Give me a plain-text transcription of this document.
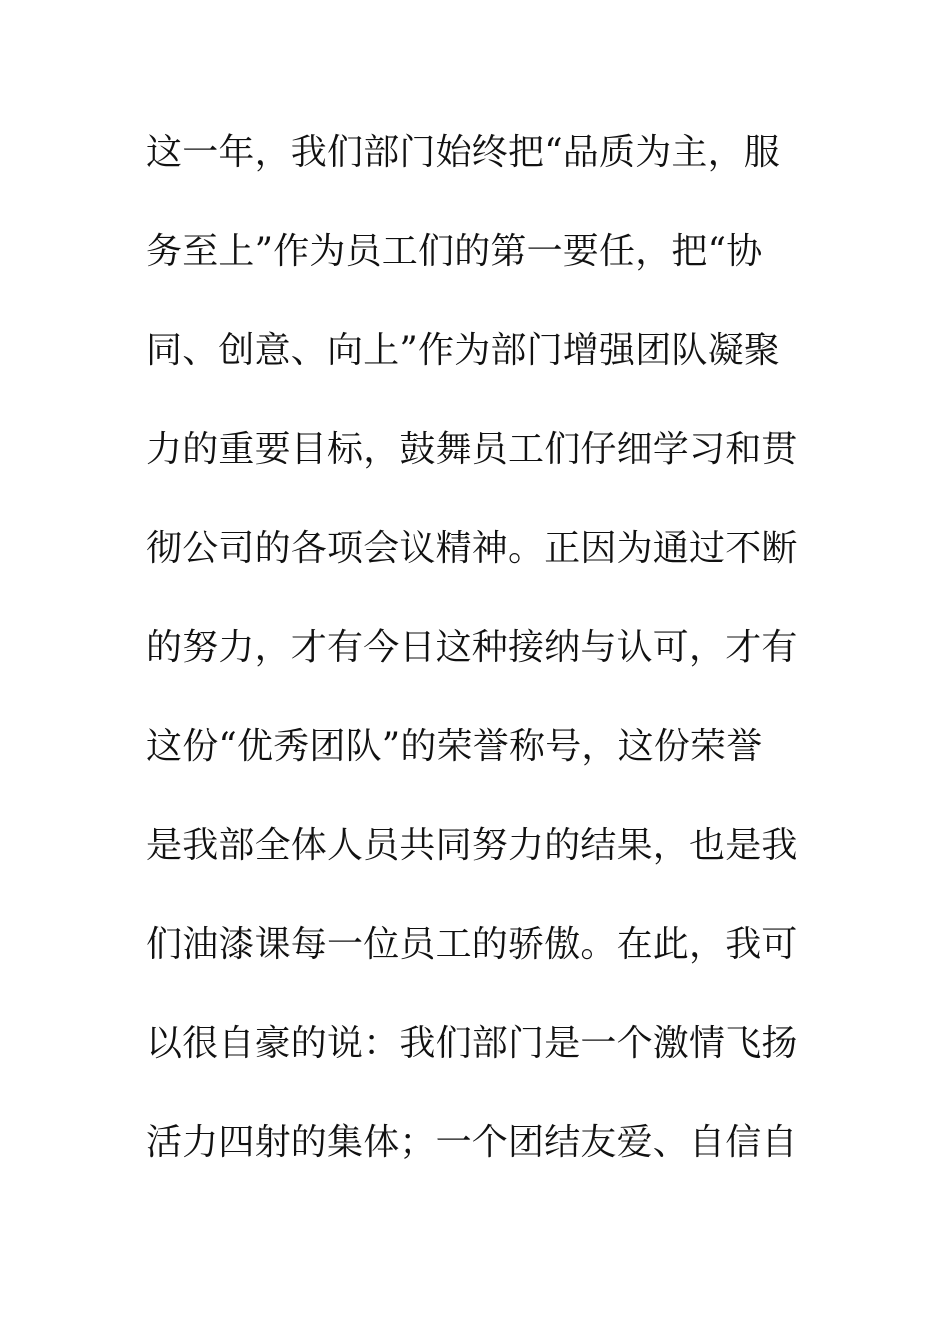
这一年，我们部门始终把“品质为主，服
务至上”作为员工们的第一要任，把“协
同、创意、向上”作为部门增强团队凝聚
力的重要目标，鼓舞员工们仔细学习和贯
彻公司的各项会议精神。正因为通过不断
的努力，才有今日这种接纳与认可，才有
这份“优秀团队”的荣誉称号，这份荣誉
是我部全体人员共同努力的结果，也是我
们油漆课每一位员工的骄傲。在此，我可
以很自豪的说：我们部门是一个激情飞扬
活力四射的集体；一个团结友爱、自信自
